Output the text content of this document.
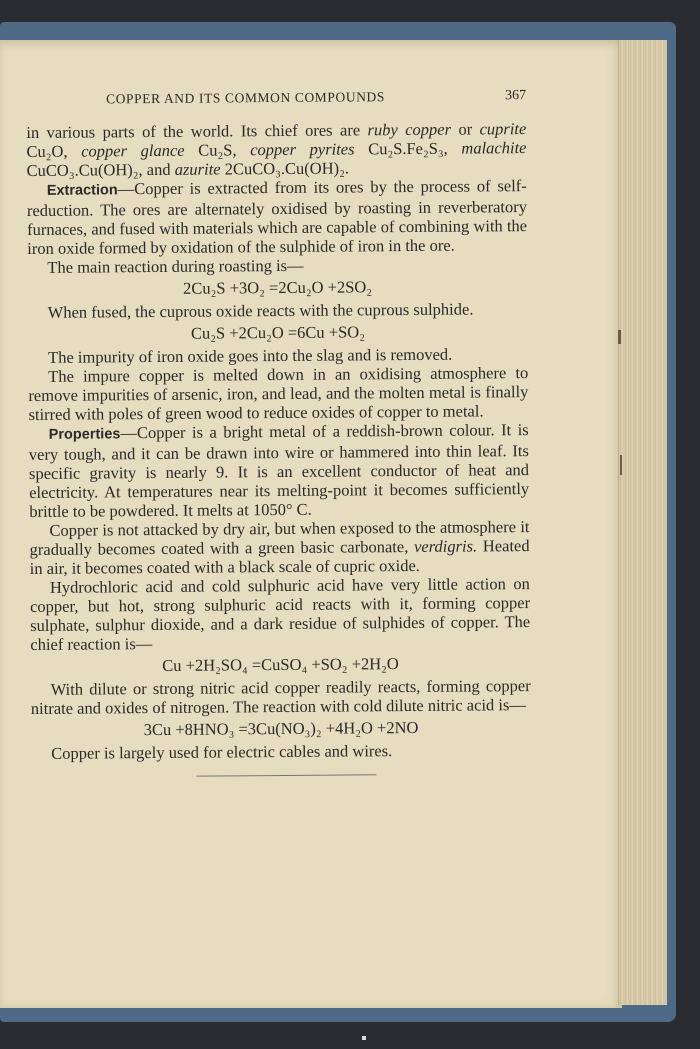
COPPER AND ITS COMMON COMPOUNDS	367

in various parts of the world. Its chief ores are ruby copper or cuprite Cu₂O, copper glance Cu₂S, copper pyrites Cu₂S.Fe₂S₃, malachite CuCO₃.Cu(OH)₂, and azurite 2CuCO₃.Cu(OH)₂.

Extraction—Copper is extracted from its ores by the process of self-reduction. The ores are alternately oxidised by roasting in reverberatory furnaces, and fused with materials which are capable of combining with the iron oxide formed by oxidation of the sulphide of iron in the ore.

The main reaction during roasting is—

2Cu₂S +3O₂ =2Cu₂O +2SO₂

When fused, the cuprous oxide reacts with the cuprous sulphide.

Cu₂S +2Cu₂O =6Cu +SO₂

The impurity of iron oxide goes into the slag and is removed.

The impure copper is melted down in an oxidising atmosphere to remove impurities of arsenic, iron, and lead, and the molten metal is finally stirred with poles of green wood to reduce oxides of copper to metal.

Properties—Copper is a bright metal of a reddish-brown colour. It is very tough, and it can be drawn into wire or hammered into thin leaf. Its specific gravity is nearly 9. It is an excellent conductor of heat and electricity. At temperatures near its melting-point it becomes sufficiently brittle to be powdered. It melts at 1050° C.

Copper is not attacked by dry air, but when exposed to the atmosphere it gradually becomes coated with a green basic carbonate, verdigris. Heated in air, it becomes coated with a black scale of cupric oxide.

Hydrochloric acid and cold sulphuric acid have very little action on copper, but hot, strong sulphuric acid reacts with it, forming copper sulphate, sulphur dioxide, and a dark residue of sulphides of copper. The chief reaction is—

Cu +2H₂SO₄ =CuSO₄ +SO₂ +2H₂O

With dilute or strong nitric acid copper readily reacts, forming copper nitrate and oxides of nitrogen. The reaction with cold dilute nitric acid is—

3Cu +8HNO₃ =3Cu(NO₃)₂ +4H₂O +2NO

Copper is largely used for electric cables and wires.
